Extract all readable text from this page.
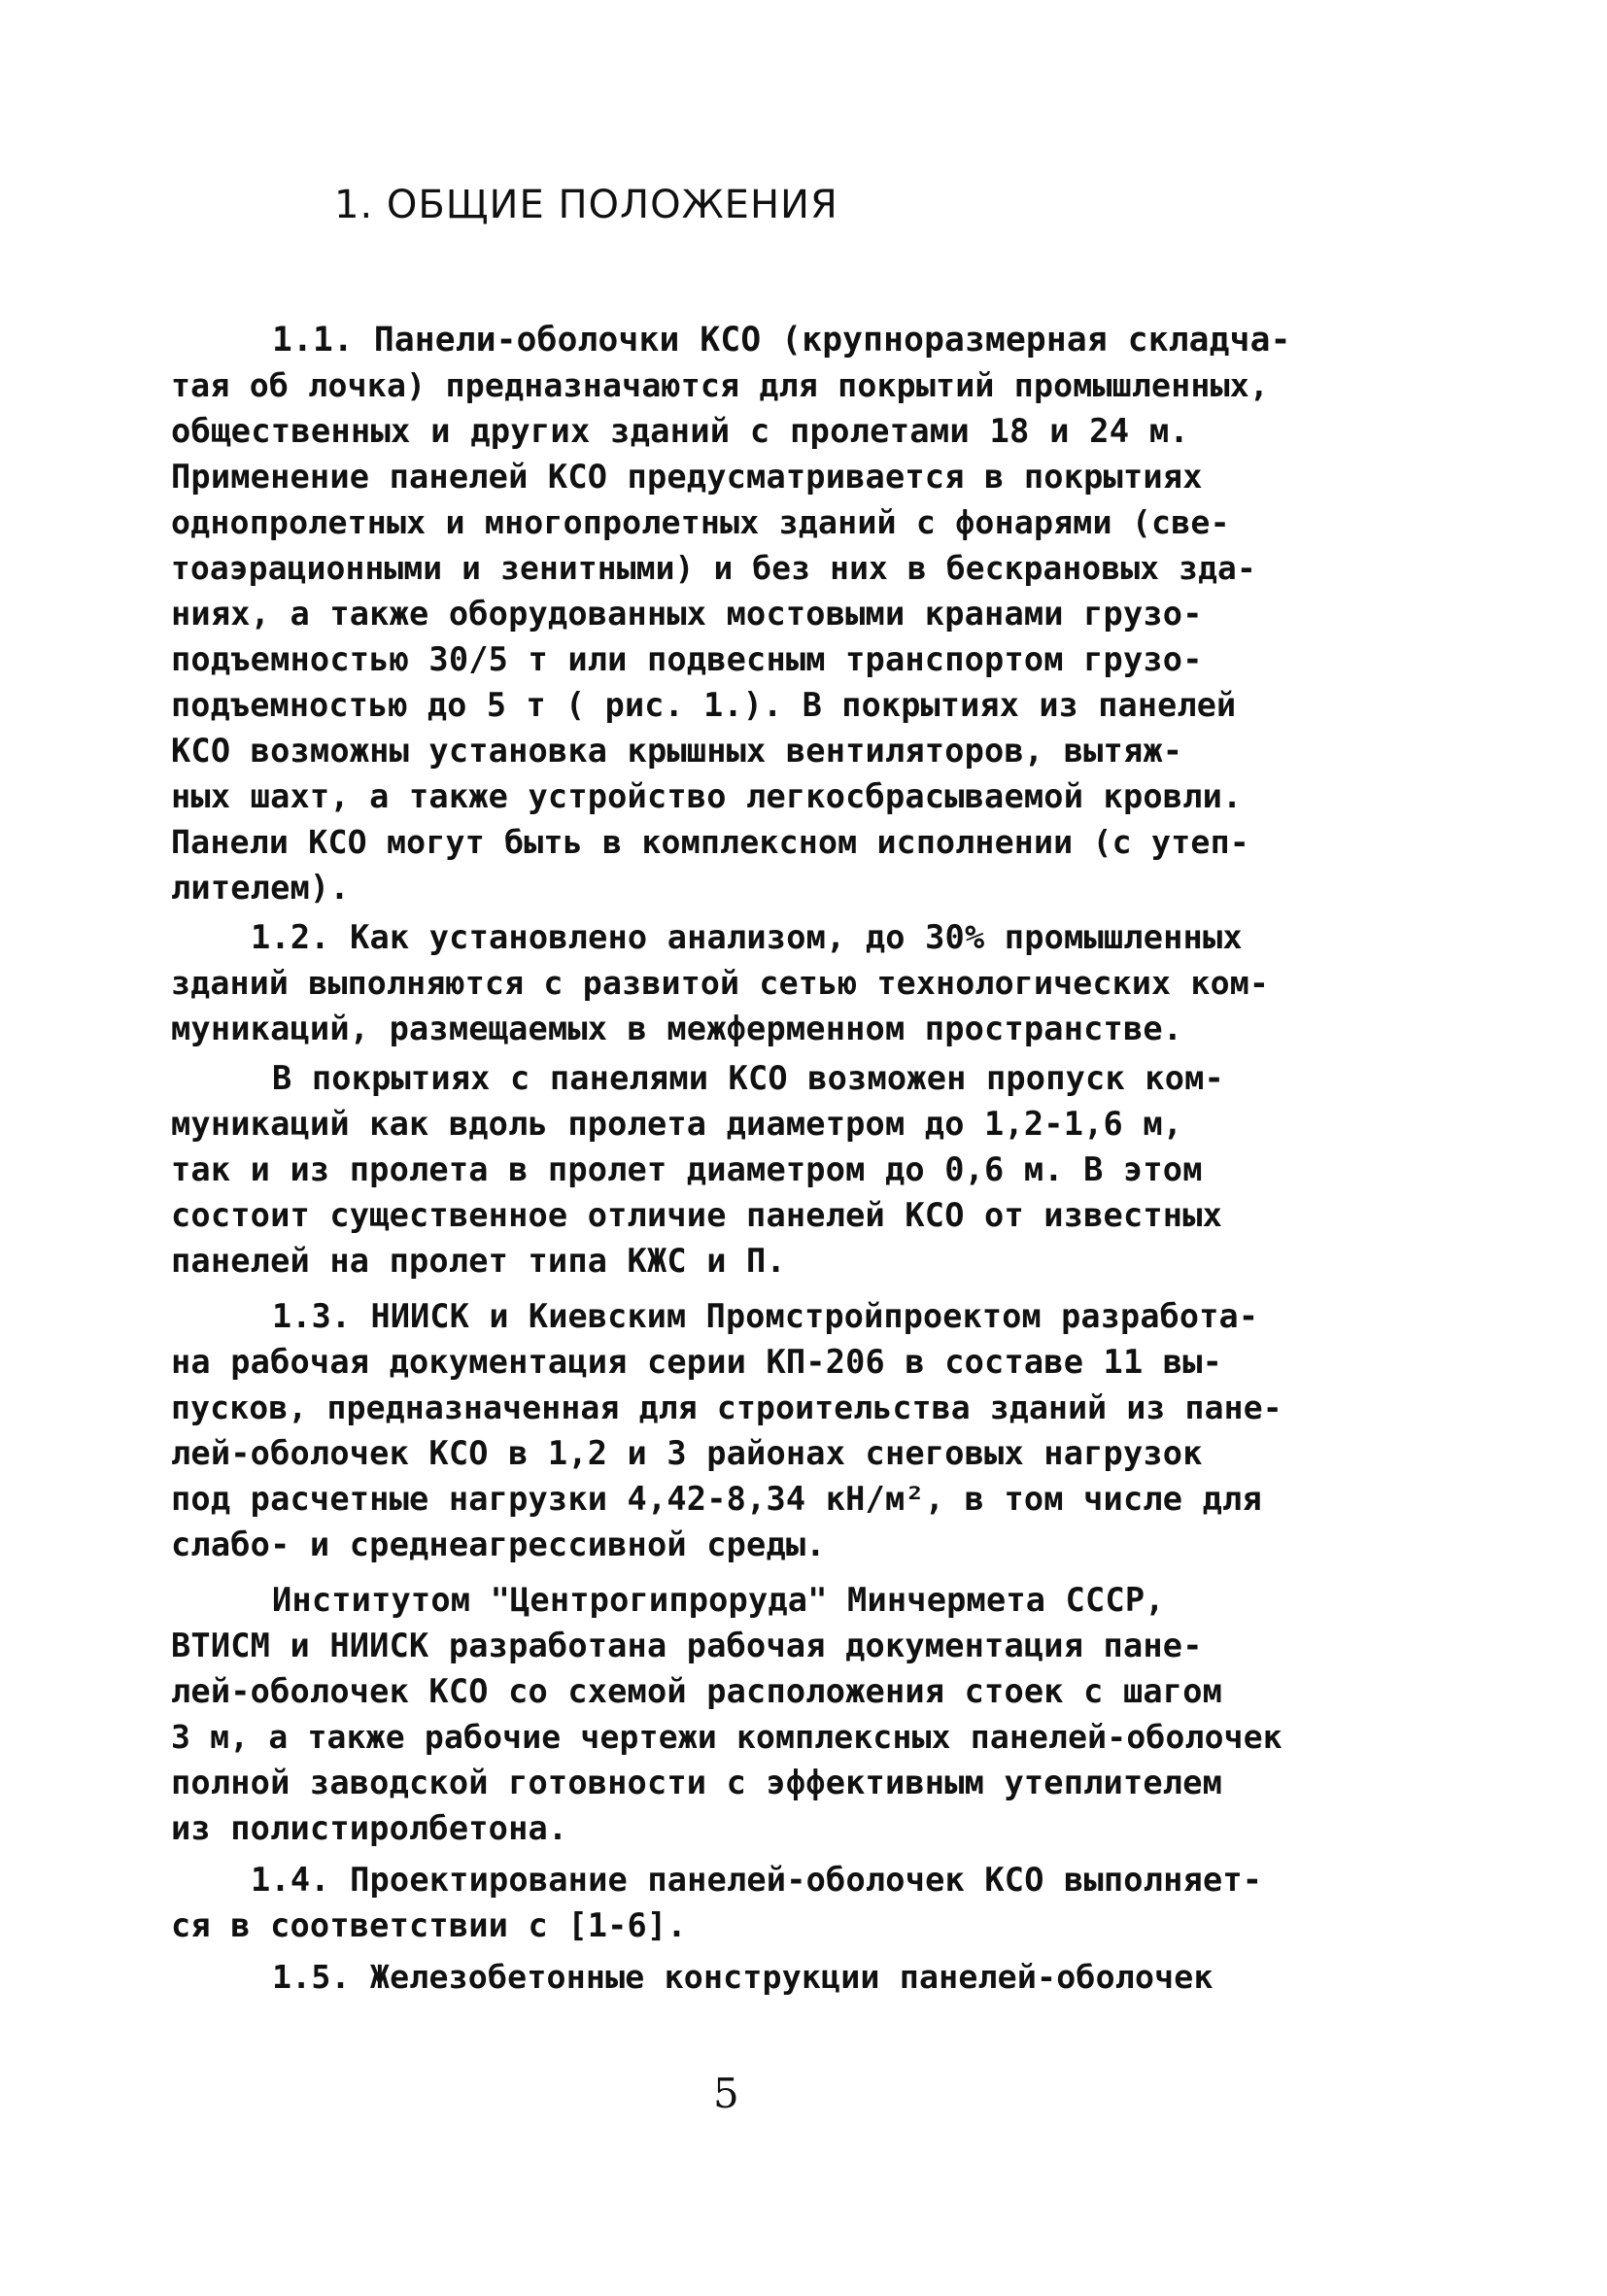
1. ОБЩИЕ ПОЛОЖЕНИЯ
1.1. Панели-оболочки КСО (крупноразмерная складча-
тая об лочка) предназначаются для покрытий промышленных,
общественных и других зданий с пролетами 18 и 24 м.
Применение панелей КСО предусматривается в покрытиях
однопролетных и многопролетных зданий с фонарями (све-
тоаэрационными и зенитными) и без них в бескрановых зда-
ниях, а также оборудованных мостовыми кранами грузо-
подъемностью 30/5 т или подвесным транспортом грузо-
подъемностью до 5 т ( рис. 1.). В покрытиях из панелей
КСО возможны установка крышных вентиляторов, вытяж-
ных шахт, а также устройство легкосбрасываемой кровли.
Панели КСО могут быть в комплексном исполнении (с утеп-
лителем).
1.2. Как установлено анализом, до 30% промышленных
зданий выполняются с развитой сетью технологических ком-
муникаций, размещаемых в межферменном пространстве.
В покрытиях с панелями КСО возможен пропуск ком-
муникаций как вдоль пролета диаметром до 1,2-1,6 м,
так и из пролета в пролет диаметром до 0,6 м. В этом
состоит существенное отличие панелей КСО от известных
панелей на пролет типа КЖС и П.
1.3. НИИСК и Киевским Промстройпроектом разработа-
на рабочая документация серии КП-206 в составе 11 вы-
пусков, предназначенная для строительства зданий из пане-
лей-оболочек КСО в 1,2 и 3 районах снеговых нагрузок
под расчетные нагрузки 4,42-8,34 кН/м², в том числе для
слабо- и среднеагрессивной среды.
Институтом "Центрогипроруда" Минчермета СССР,
ВТИСМ и НИИСК разработана рабочая документация пане-
лей-оболочек КСО со схемой расположения стоек с шагом
3 м, а также рабочие чертежи комплексных панелей-оболочек
полной заводской готовности с эффективным утеплителем
из полистиролбетона.
1.4. Проектирование панелей-оболочек КСО выполняет-
ся в соответствии с [1-6].
1.5. Железобетонные конструкции панелей-оболочек
5
